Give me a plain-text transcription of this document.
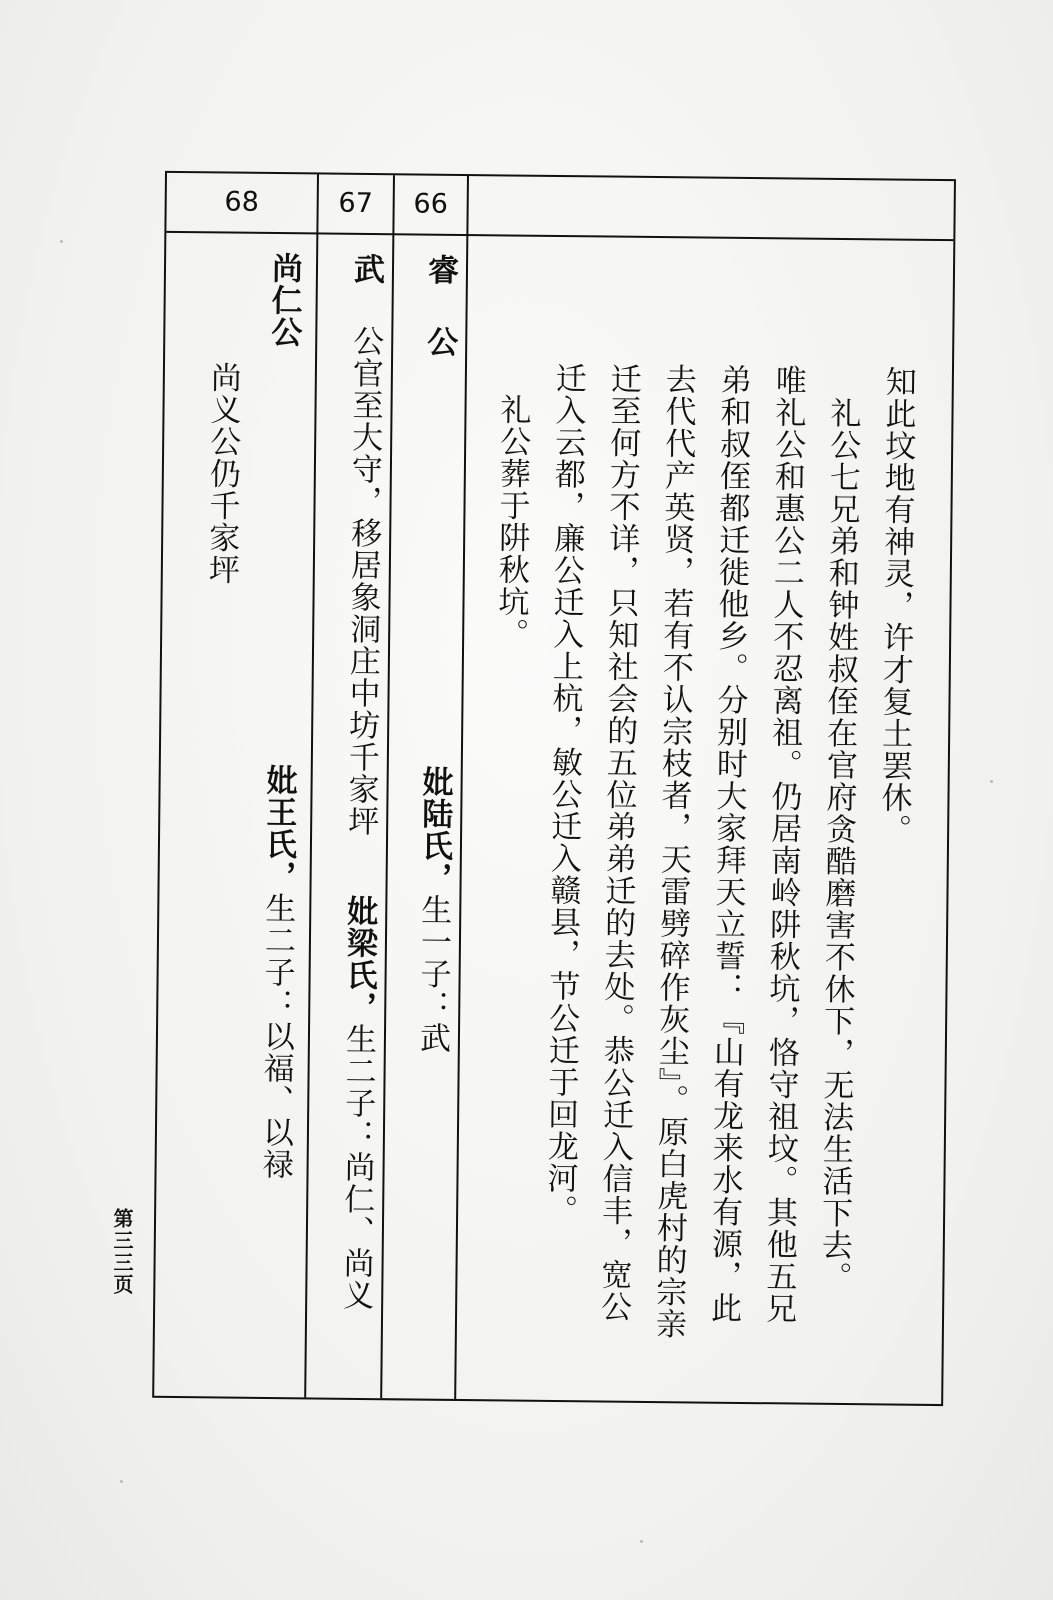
68	67	66
尚仁公
尚义公仍千家坪
妣王氏，生二子：以福、以禄
武
公官至大守，移居象洞庄中坊千家坪
妣梁氏，生二子：尚仁、尚义
睿
公
妣陆氏，生一子：武
知此坟地有神灵，许才复土罢休。
　礼公七兄弟和钟姓叔侄在官府贪酷磨害不休下，无法生活下去。
唯礼公和惠公二人不忍离祖。仍居南岭阱秋坑，恪守祖坟。其他五兄
弟和叔侄都迁徙他乡。分别时大家拜天立誓：『山有龙来水有源，此
去代代产英贤，若有不认宗枝者，天雷劈碎作灰尘』。原白虎村的宗亲
迁至何方不详，只知社会的五位弟弟迁的去处。恭公迁入信丰，宽公
迁入云都，廉公迁入上杭，敏公迁入赣县，节公迁于回龙河。
　礼公葬于阱秋坑。
第三三页
